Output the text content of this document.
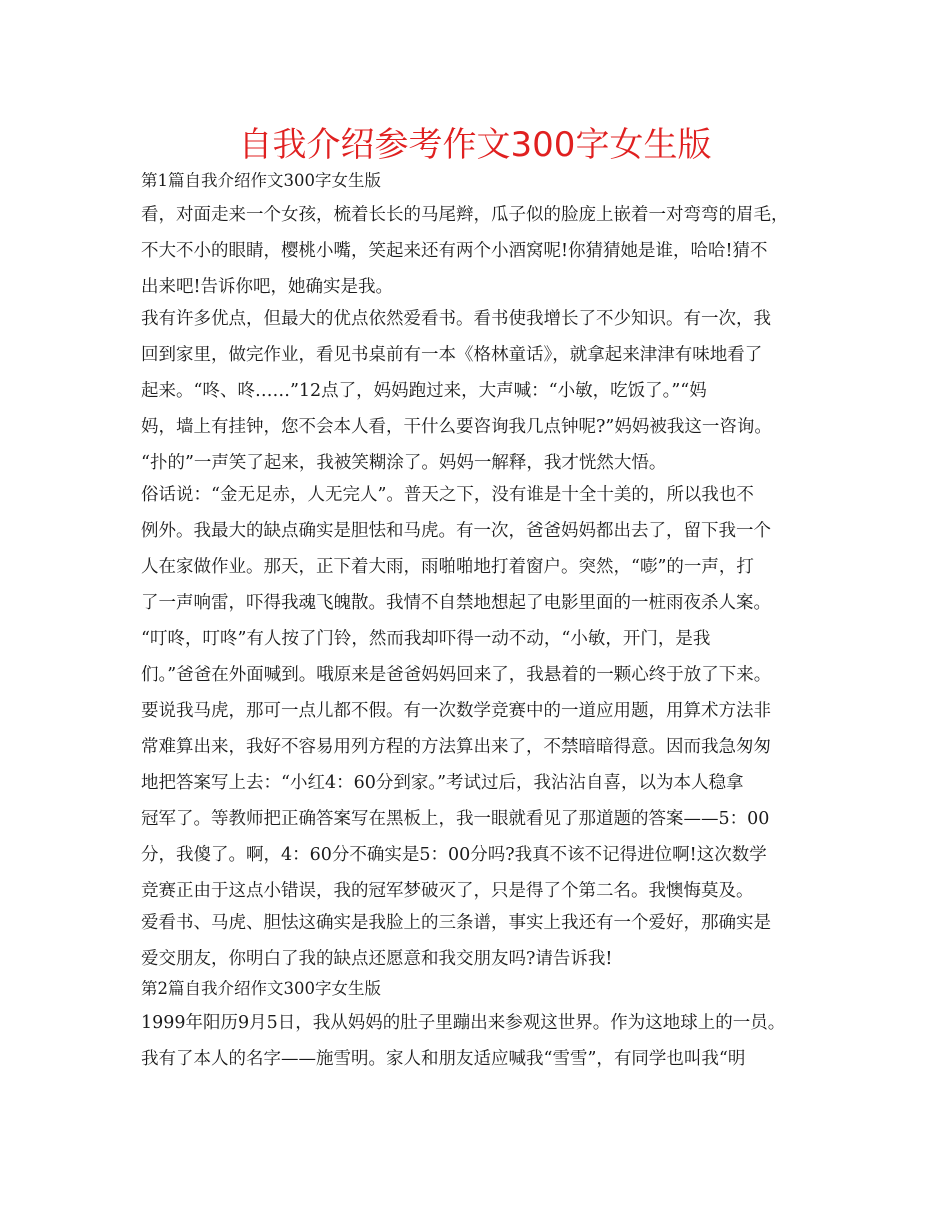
自我介绍参考作文300字女生版
第1篇自我介绍作文300字女生版
看，对面走来一个女孩，梳着长长的马尾辫，瓜子似的脸庞上嵌着一对弯弯的眉毛，
不大不小的眼睛，樱桃小嘴，笑起来还有两个小酒窝呢!你猜猜她是谁，哈哈!猜不
出来吧!告诉你吧，她确实是我。
我有许多优点，但最大的优点依然爱看书。看书使我增长了不少知识。有一次，我
回到家里，做完作业，看见书桌前有一本《格林童话》，就拿起来津津有味地看了
起来。“咚、咚……”12点了，妈妈跑过来，大声喊：“小敏，吃饭了。”“妈
妈，墙上有挂钟，您不会本人看，干什么要咨询我几点钟呢?”妈妈被我这一咨询。
“扑的”一声笑了起来，我被笑糊涂了。妈妈一解释，我才恍然大悟。
俗话说：“金无足赤，人无完人”。普天之下，没有谁是十全十美的，所以我也不
例外。我最大的缺点确实是胆怯和马虎。有一次，爸爸妈妈都出去了，留下我一个
人在家做作业。那天，正下着大雨，雨啪啪地打着窗户。突然，“嘭”的一声，打
了一声响雷，吓得我魂飞魄散。我情不自禁地想起了电影里面的一桩雨夜杀人案。
“叮咚，叮咚”有人按了门铃，然而我却吓得一动不动，“小敏，开门，是我
们。”爸爸在外面喊到。哦原来是爸爸妈妈回来了，我悬着的一颗心终于放了下来。
要说我马虎，那可一点儿都不假。有一次数学竞赛中的一道应用题，用算术方法非
常难算出来，我好不容易用列方程的方法算出来了，不禁暗暗得意。因而我急匆匆
地把答案写上去：“小红4：60分到家。”考试过后，我沾沾自喜，以为本人稳拿
冠军了。等教师把正确答案写在黑板上，我一眼就看见了那道题的答案——5：00
分，我傻了。啊，4：60分不确实是5：00分吗?我真不该不记得进位啊!这次数学
竞赛正由于这点小错误，我的冠军梦破灭了，只是得了个第二名。我懊悔莫及。
爱看书、马虎、胆怯这确实是我脸上的三条谱，事实上我还有一个爱好，那确实是
爱交朋友，你明白了我的缺点还愿意和我交朋友吗?请告诉我!
第2篇自我介绍作文300字女生版
1999年阳历9月5日，我从妈妈的肚子里蹦出来参观这世界。作为这地球上的一员。
我有了本人的名字——施雪明。家人和朋友适应喊我“雪雪”，有同学也叫我“明
